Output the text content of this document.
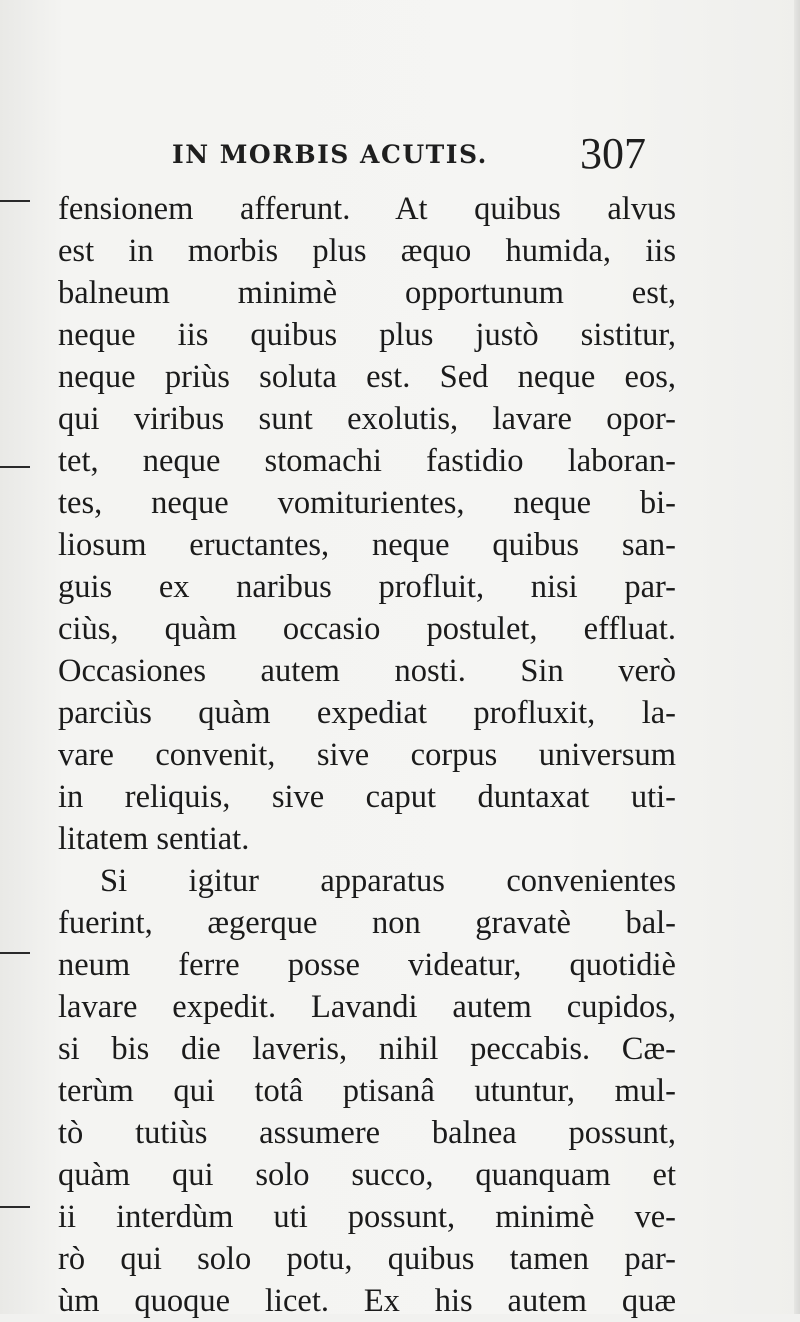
IN MORBIS ACUTIS. 307
fensionem afferunt. At quibus alvus
est in morbis plus æquo humida, iis
balneum minimè opportunum est,
neque iis quibus plus justò sistitur,
neque priùs soluta est. Sed neque eos,
qui viribus sunt exolutis, lavare opor-
tet, neque stomachi fastidio laboran-
tes, neque vomiturientes, neque bi-
liosum eructantes, neque quibus san-
guis ex naribus profluit, nisi par-
ciùs, quàm occasio postulet, effluat.
Occasiones autem nosti. Sin verò
parciùs quàm expediat profluxit, la-
vare convenit, sive corpus universum
in reliquis, sive caput duntaxat uti-
litatem sentiat.
Si igitur apparatus convenientes
fuerint, ægerque non gravatè bal-
neum ferre posse videatur, quotidiè
lavare expedit. Lavandi autem cupidos,
si bis die laveris, nihil peccabis. Cæ-
terùm qui totâ ptisanâ utuntur, mul-
tò tutiùs assumere balnea possunt,
quàm qui solo succo, quanquam et
ii interdùm uti possunt, minimè ve-
rò qui solo potu, quibus tamen par-
ùm quoque licet. Ex his autem quæ
